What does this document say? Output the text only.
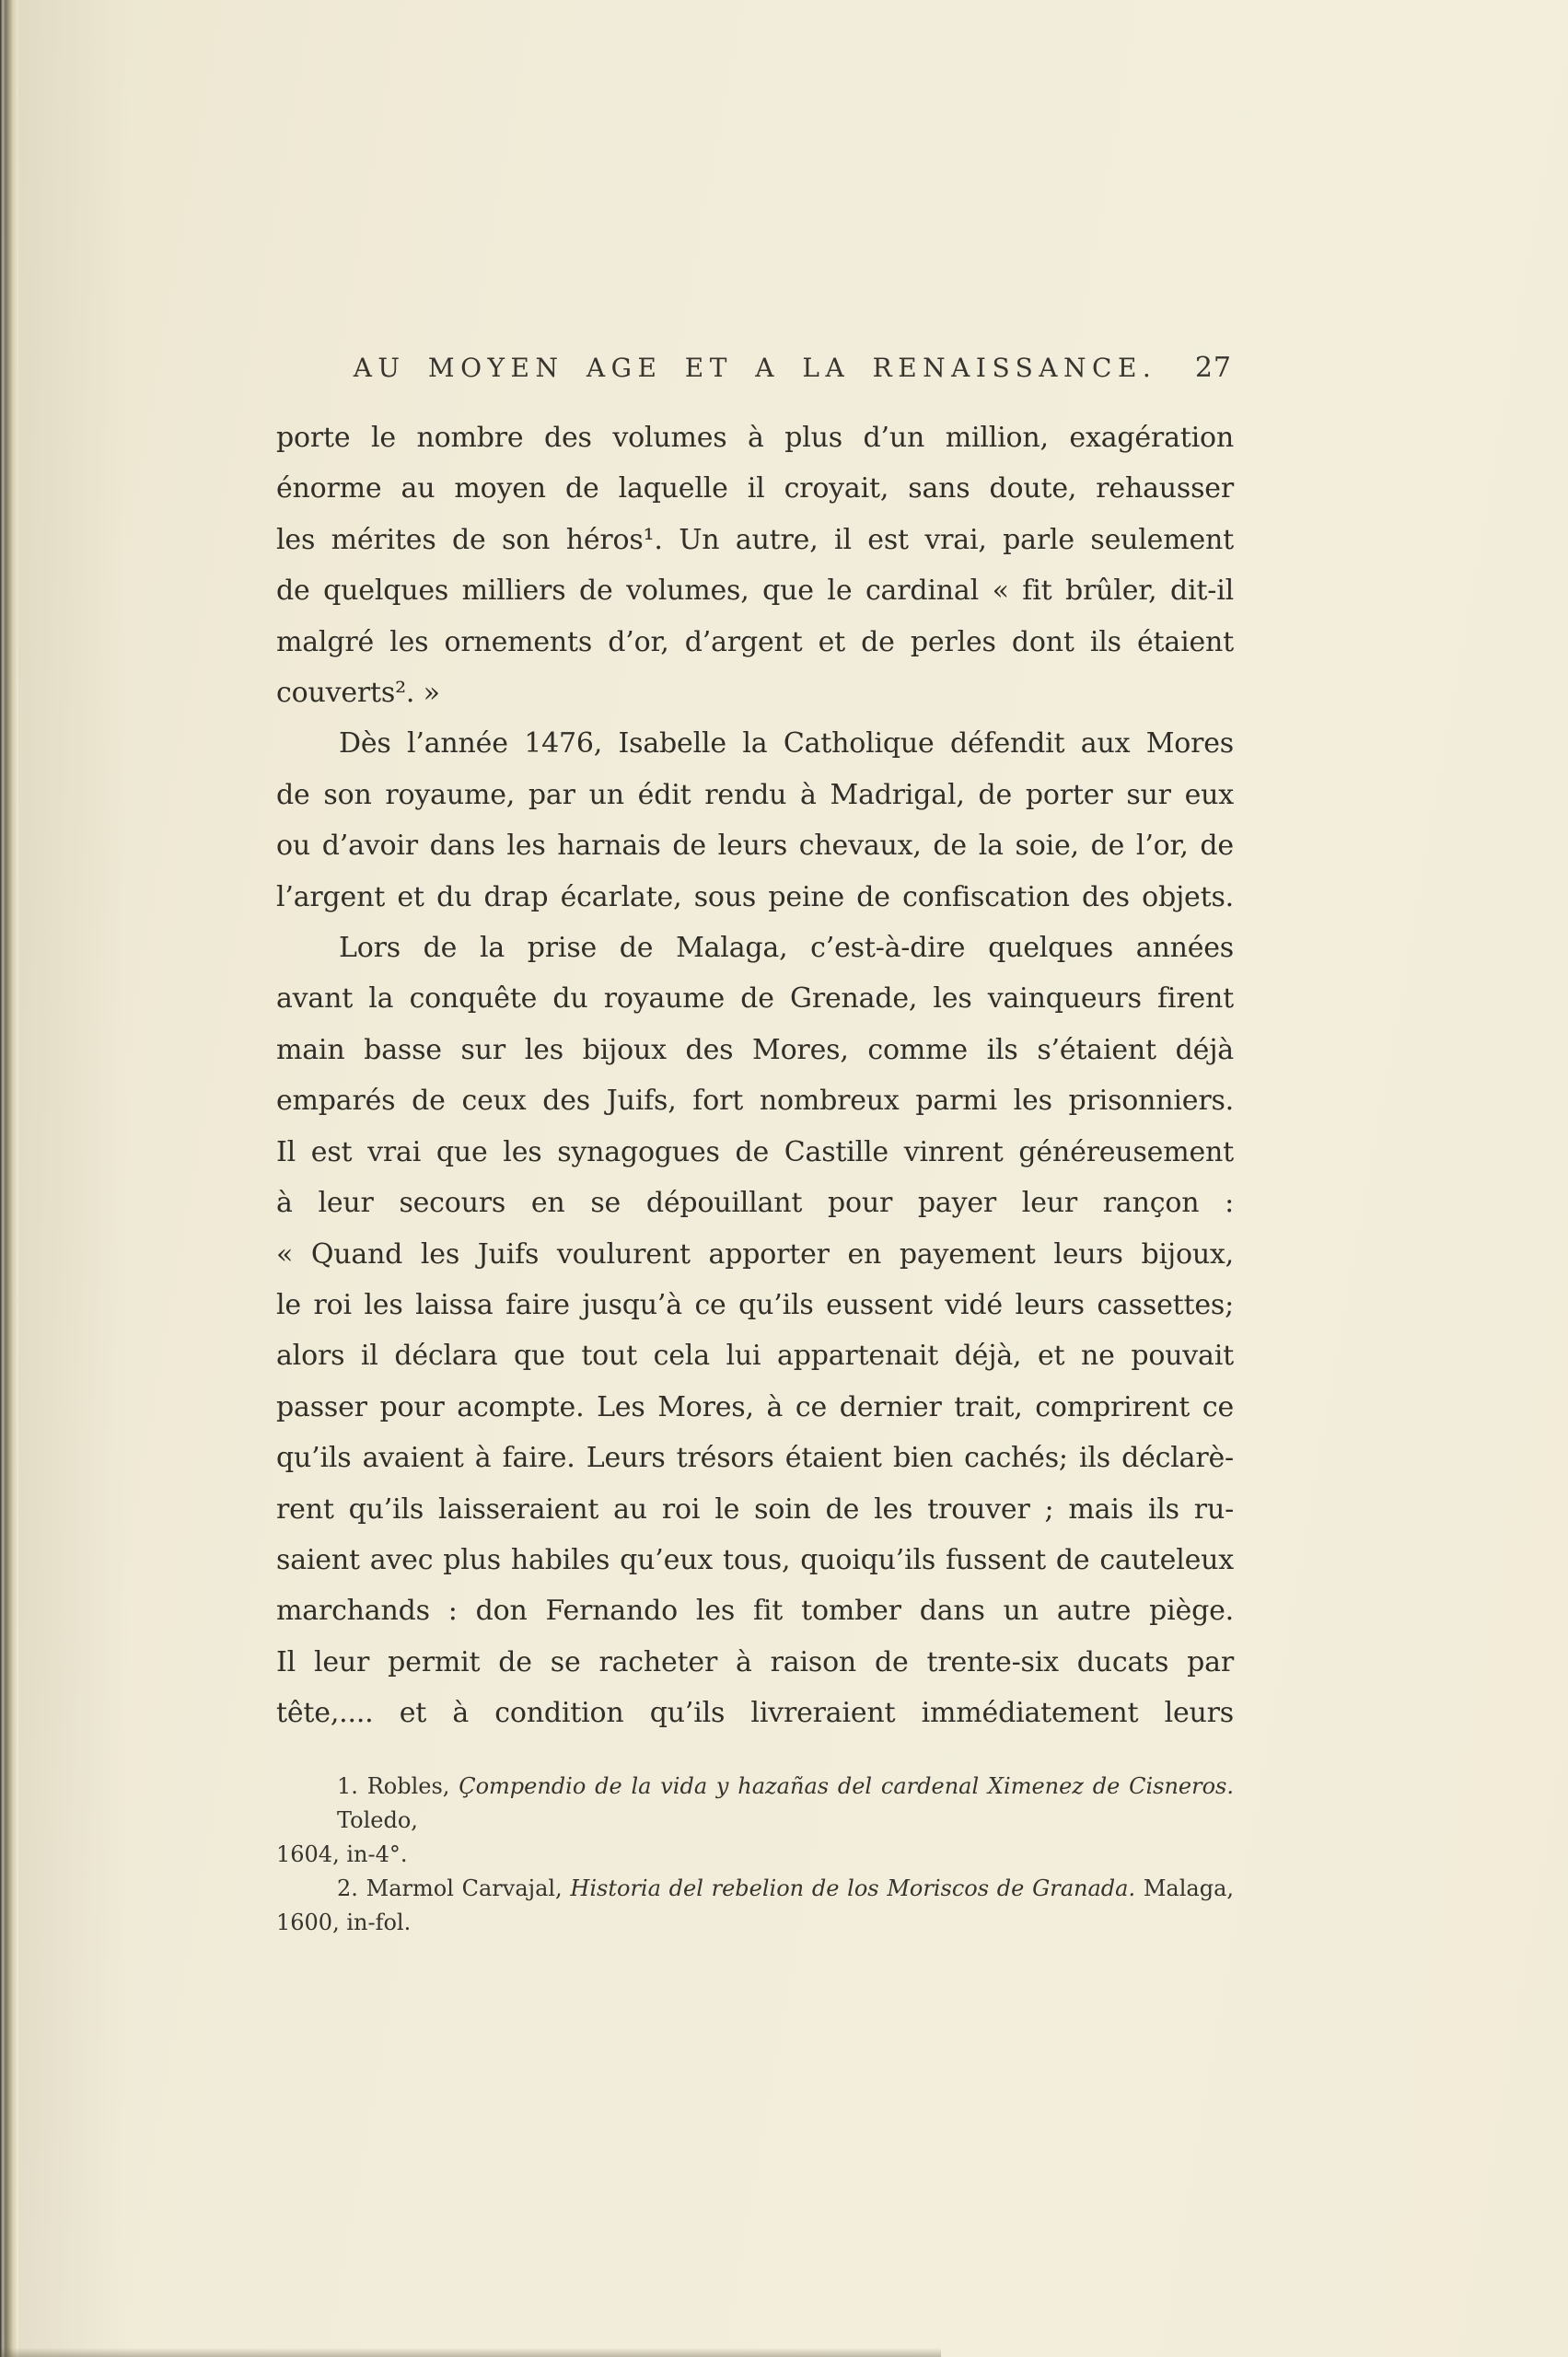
AU MOYEN AGE ET A LA RENAISSANCE.	27
porte le nombre des volumes à plus d’un million, exagération
énorme au moyen de laquelle il croyait, sans doute, rehausser
les mérites de son héros¹. Un autre, il est vrai, parle seulement
de quelques milliers de volumes, que le cardinal « fit brûler, dit-il
malgré les ornements d’or, d’argent et de perles dont ils étaient
couverts². »
Dès l’année 1476, Isabelle la Catholique défendit aux Mores
de son royaume, par un édit rendu à Madrigal, de porter sur eux
ou d’avoir dans les harnais de leurs chevaux, de la soie, de l’or, de
l’argent et du drap écarlate, sous peine de confiscation des objets.
Lors de la prise de Malaga, c’est-à-dire quelques années
avant la conquête du royaume de Grenade, les vainqueurs firent
main basse sur les bijoux des Mores, comme ils s’étaient déjà
emparés de ceux des Juifs, fort nombreux parmi les prisonniers.
Il est vrai que les synagogues de Castille vinrent généreusement
à leur secours en se dépouillant pour payer leur rançon :
« Quand les Juifs voulurent apporter en payement leurs bijoux,
le roi les laissa faire jusqu’à ce qu’ils eussent vidé leurs cassettes;
alors il déclara que tout cela lui appartenait déjà, et ne pouvait
passer pour acompte. Les Mores, à ce dernier trait, comprirent ce
qu’ils avaient à faire. Leurs trésors étaient bien cachés; ils déclarè-
rent qu’ils laisseraient au roi le soin de les trouver ; mais ils ru-
saient avec plus habiles qu’eux tous, quoiqu’ils fussent de cauteleux
marchands : don Fernando les fit tomber dans un autre piège.
Il leur permit de se racheter à raison de trente-six ducats par
tête,.... et à condition qu’ils livreraient immédiatement leurs
1. Robles, Çompendio de la vida y hazañas del cardenal Ximenez de Cisneros. Toledo,
1604, in-4°.
2. Marmol Carvajal, Historia del rebelion de los Moriscos de Granada. Malaga,
1600, in-fol.
